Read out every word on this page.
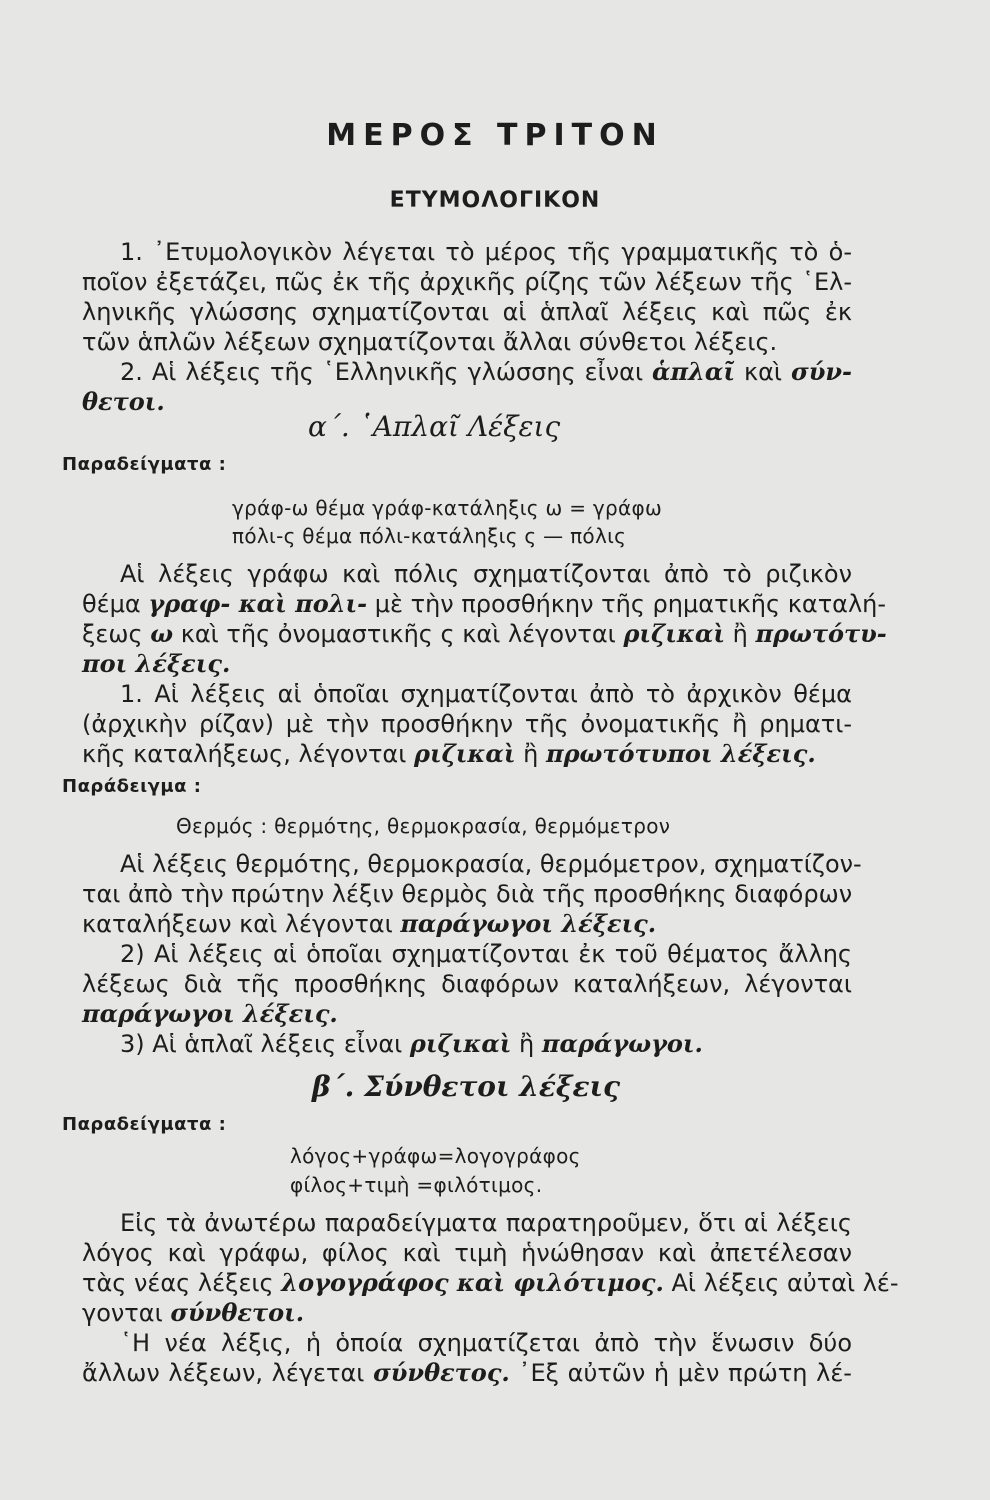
ΜΕΡΟΣ ΤΡΙΤΟΝ
ΕΤΥΜΟΛΟΓΙΚΟΝ
1. ᾿Ετυμολογικὸν λέγεται τὸ μέρος τῆς γραμματικῆς τὸ ὁ-
ποῖον ἐξετάζει, πῶς ἐκ τῆς ἀρχικῆς ρίζης τῶν λέξεων τῆς ῾Ελ-
ληνικῆς γλώσσης σχηματίζονται αἱ ἁπλαῖ λέξεις καὶ πῶς ἐκ
τῶν ἁπλῶν λέξεων σχηματίζονται ἄλλαι σύνθετοι λέξεις.
2. Αἱ λέξεις τῆς ῾Ελληνικῆς γλώσσης εἶναι ἁπλαῖ καὶ σύν-
θετοι.
α΄. ῾Απλαῖ Λέξεις
Παραδείγματα :
γράφ-ω θέμα γράφ-κατάληξις ω = γράφω
πόλι-ς θέμα πόλι-κατάληξις ς — πόλις
Αἱ λέξεις γράφω καὶ πόλις σχηματίζονται ἀπὸ τὸ ριζικὸν
θέμα γραφ- καὶ πολι- μὲ τὴν προσθήκην τῆς ρηματικῆς καταλή-
ξεως ω καὶ τῆς ὀνομαστικῆς ς καὶ λέγονται ριζικαὶ ἢ πρωτότυ-
ποι λέξεις.
1. Αἱ λέξεις αἱ ὁποῖαι σχηματίζονται ἀπὸ τὸ ἀρχικὸν θέμα
(ἀρχικὴν ρίζαν) μὲ τὴν προσθήκην τῆς ὀνοματικῆς ἢ ρηματι-
κῆς καταλήξεως, λέγονται ριζικαὶ ἢ πρωτότυποι λέξεις.
Παράδειγμα :
Θερμός : θερμότης, θερμοκρασία, θερμόμετρον
Αἱ λέξεις θερμότης, θερμοκρασία, θερμόμετρον, σχηματίζον-
ται ἀπὸ τὴν πρώτην λέξιν θερμὸς διὰ τῆς προσθήκης διαφόρων
καταλήξεων καὶ λέγονται παράγωγοι λέξεις.
2) Αἱ λέξεις αἱ ὁποῖαι σχηματίζονται ἐκ τοῦ θέματος ἄλλης
λέξεως διὰ τῆς προσθήκης διαφόρων καταλήξεων, λέγονται
παράγωγοι λέξεις.
3) Αἱ ἁπλαῖ λέξεις εἶναι ριζικαὶ ἢ παράγωγοι.
β΄. Σύνθετοι λέξεις
Παραδείγματα :
λόγος+γράφω=λογογράφος
φίλος+τιμὴ =φιλότιμος.
Εἰς τὰ ἀνωτέρω παραδείγματα παρατηροῦμεν, ὅτι αἱ λέξεις
λόγος καὶ γράφω, φίλος καὶ τιμὴ ἡνώθησαν καὶ ἀπετέλεσαν
τὰς νέας λέξεις λογογράφος καὶ φιλότιμος. Αἱ λέξεις αὐταὶ λέ-
γονται σύνθετοι.
῾Η νέα λέξις, ἡ ὁποία σχηματίζεται ἀπὸ τὴν ἕνωσιν δύο
ἄλλων λέξεων, λέγεται σύνθετος. ᾿Εξ αὐτῶν ἡ μὲν πρώτη λέ-
